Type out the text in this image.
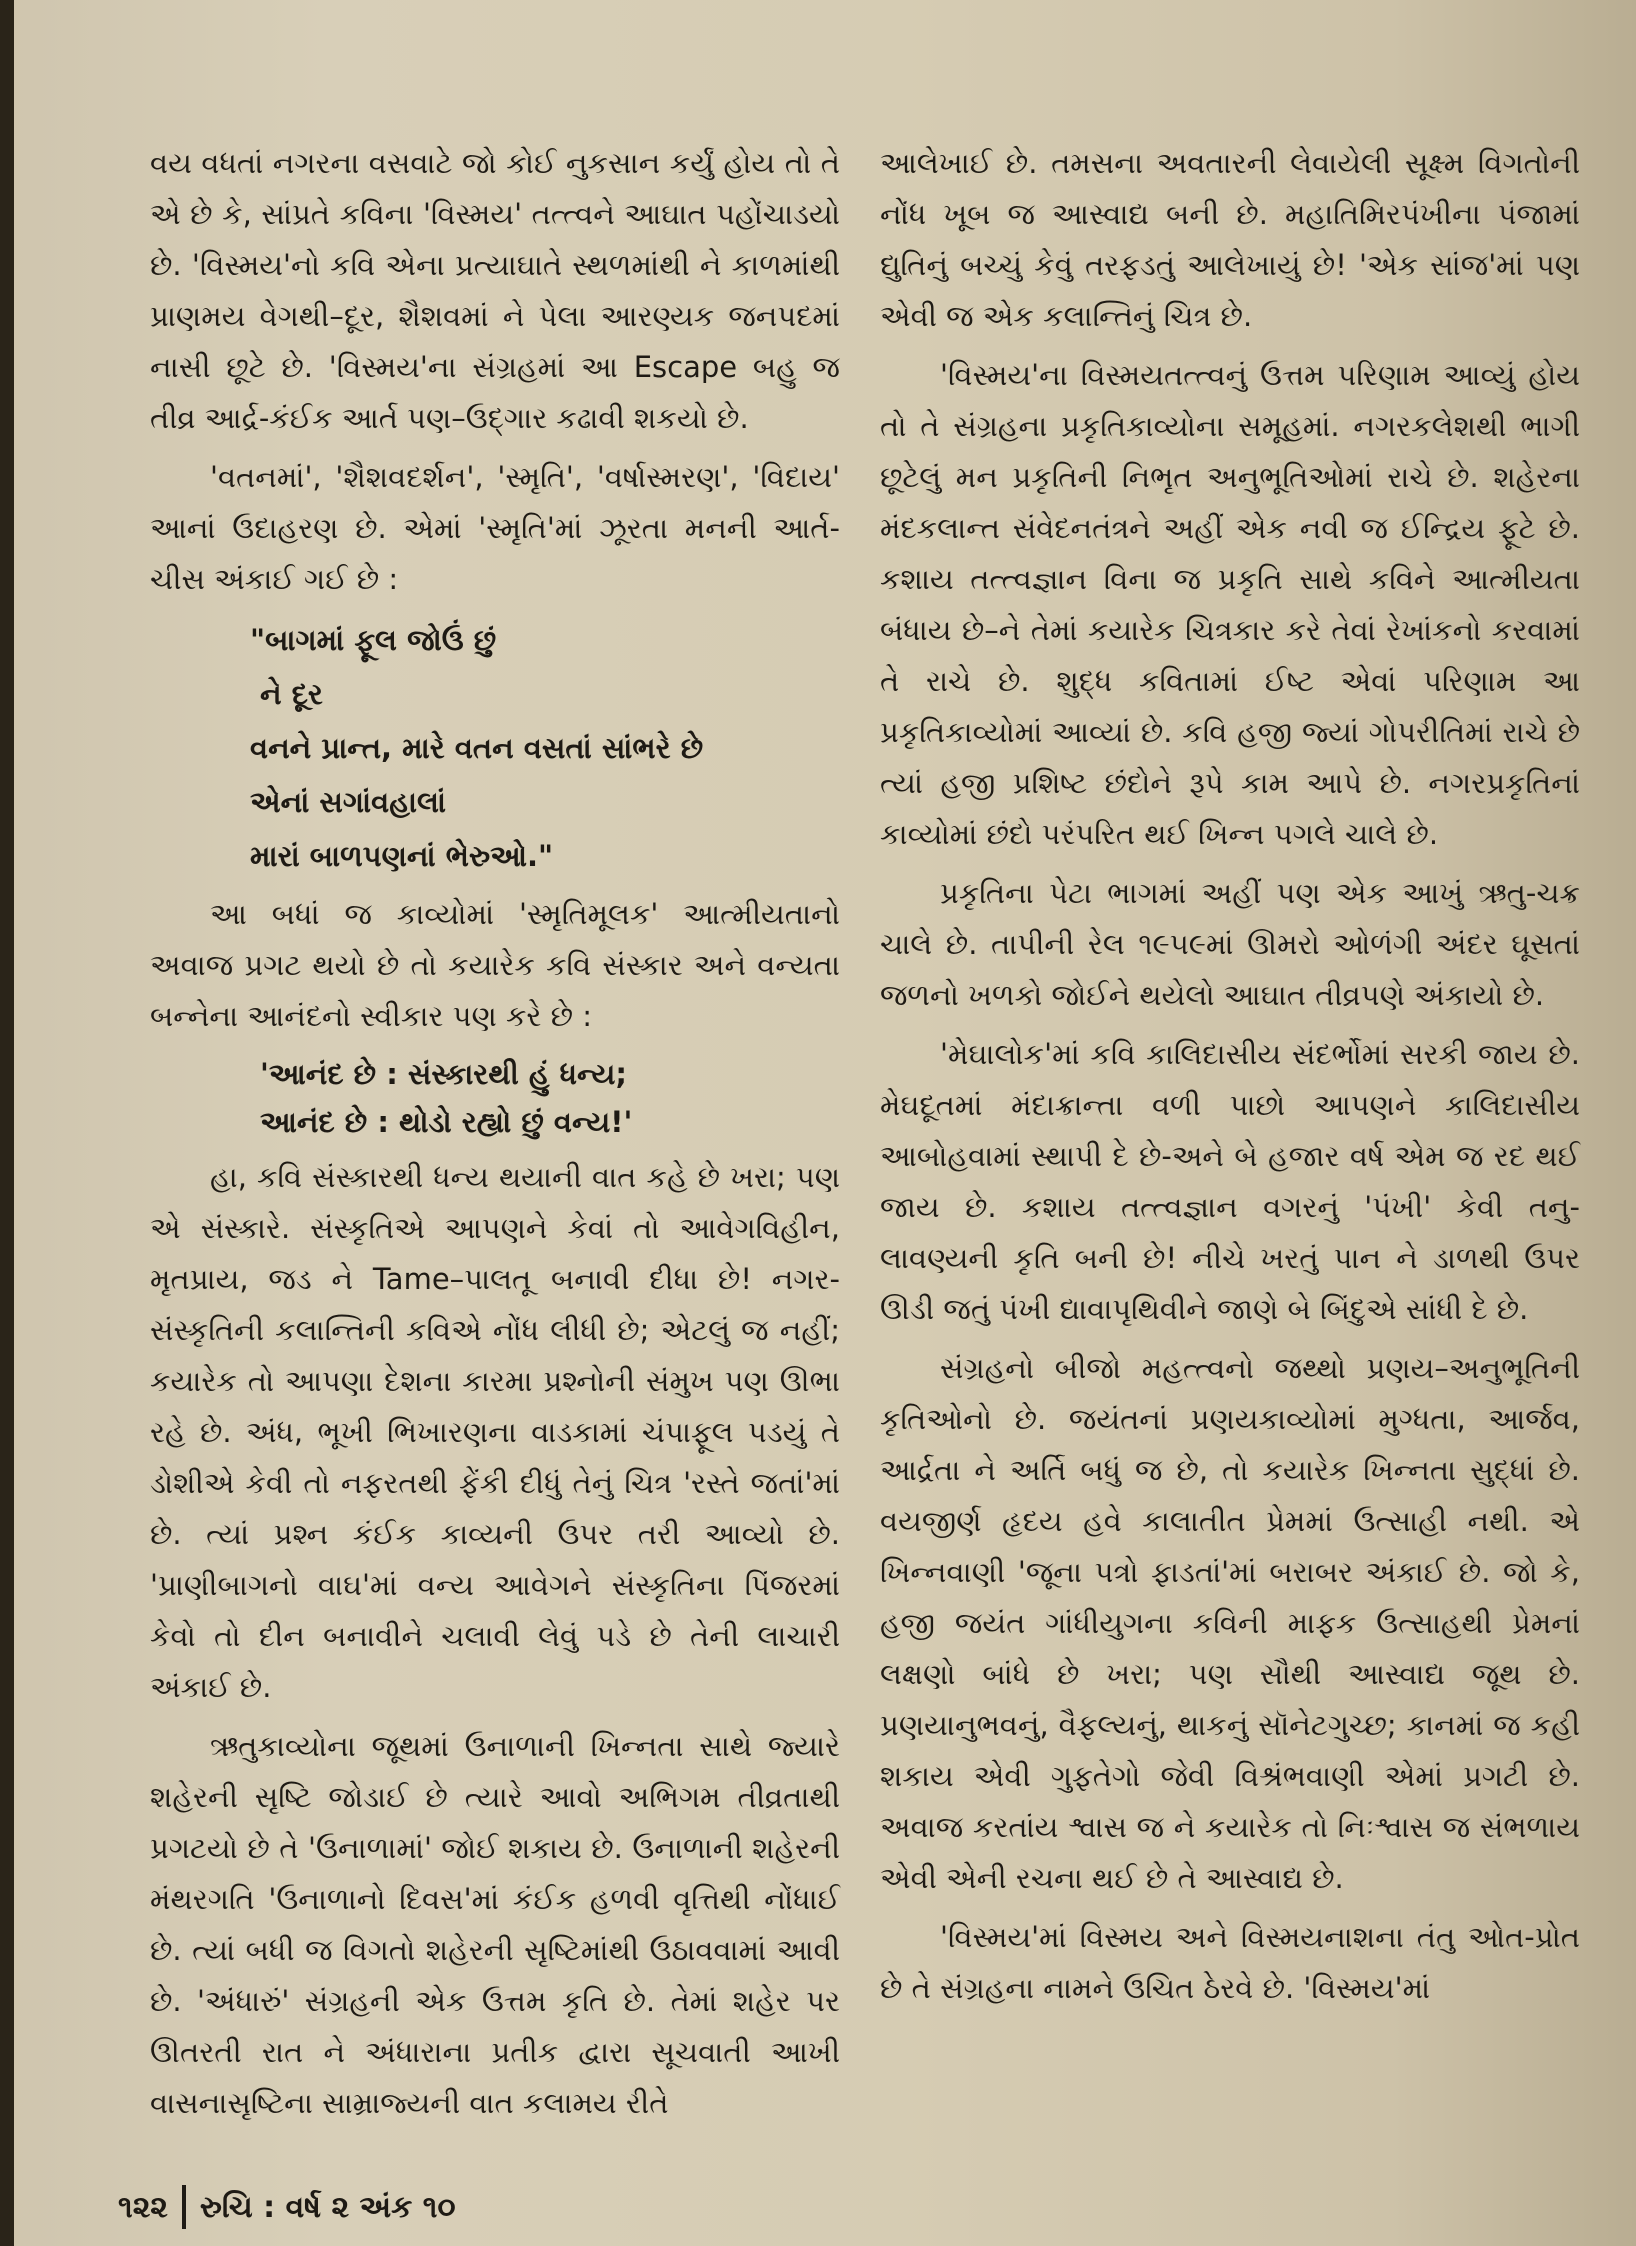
વય વધતાં નગરના વસવાટે જો કોઈ નુકસાન કર્યું હોય તો તે એ છે કે, સાંપ્રતે કવિના 'વિસ્મય' તત્ત્વને આઘાત પહોંચાડયો છે. 'વિસ્મય'નો કવિ એના પ્રત્યાઘાતે સ્થળમાંથી ને કાળમાંથી પ્રાણમય વેગથી–દૂર, શૈશવમાં ને પેલા આરણ્યક જનપદમાં નાસી છૂટે છે. 'વિસ્મય'ના સંગ્રહમાં આ Escape બહુ જ તીવ્ર આર્દ્ર-કંઈક આર્ત પણ–ઉદ્‌ગાર કઢાવી શકયો છે.

'વતનમાં', 'શૈશવદર્શન', 'સ્મૃતિ', 'વર્ષાસ્મરણ', 'વિદાય' આનાં ઉદાહરણ છે. એમાં 'સ્મૃતિ'માં ઝૂરતા મનની આર્ત-ચીસ અંકાઈ ગઈ છે :

"બાગમાં ફૂલ જોઉં છું
ને દૂર
વનને પ્રાન્ત, મારે વતન વસતાં સાંભરે છે
એનાં સગાંવહાલાં
મારાં બાળપણનાં ભેરુઓ."

આ બધાં જ કાવ્યોમાં 'સ્મૃતિમૂલક' આત્મીયતાનો અવાજ પ્રગટ થયો છે તો કયારેક કવિ સંસ્કાર અને વન્યતા બન્નેના આનંદનો સ્વીકાર પણ કરે છે :

'આનંદ છે : સંસ્કારથી હું ધન્ય;
આનંદ છે : થોડો રહ્યો છું વન્ય!'

હા, કવિ સંસ્કારથી ધન્ય થયાની વાત કહે છે ખરા; પણ એ સંસ્કારે. સંસ્કૃતિએ આપણને કેવાં તો આવેગવિહીન, મૃતપ્રાય, જડ ને Tame–પાલતૂ બનાવી દીધા છે! નગર-સંસ્કૃતિની કલાન્તિની કવિએ નોંધ લીધી છે; એટલું જ નહીં; કયારેક તો આપણા દેશના કારમા પ્રશ્નોની સંમુખ પણ ઊભા રહે છે. અંધ, ભૂખી ભિખારણના વાડકામાં ચંપાફૂલ પડયું તે ડોશીએ કેવી તો નફરતથી ફેંકી દીધું તેનું ચિત્ર 'રસ્તે જતાં'માં છે. ત્યાં પ્રશ્ન કંઈક કાવ્યની ઉપર તરી આવ્યો છે. 'પ્રાણીબાગનો વાઘ'માં વન્ય આવેગને સંસ્કૃતિના પિંજરમાં કેવો તો દીન બનાવીને ચલાવી લેવું પડે છે તેની લાચારી અંકાઈ છે.

ઋતુકાવ્યોના જૂથમાં ઉનાળાની ખિન્નતા સાથે જ્યારે શહેરની સૃષ્ટિ જોડાઈ છે ત્યારે આવો અભિગમ તીવ્રતાથી પ્રગટયો છે તે 'ઉનાળામાં' જોઈ શકાય છે. ઉનાળાની શહેરની મંથરગતિ 'ઉનાળાનો દિવસ'માં કંઈક હળવી વૃત્તિથી નોંધાઈ છે. ત્યાં બધી જ વિગતો શહેરની સૃષ્ટિમાંથી ઉઠાવવામાં આવી છે. 'અંધારું' સંગ્રહની એક ઉત્તમ કૃતિ છે. તેમાં શહેર પર ઊતરતી રાત ને અંધારાના પ્રતીક દ્વારા સૂચવાતી આખી વાસનાસૃષ્ટિના સામ્રાજ્યની વાત કલામય રીતે

આલેખાઈ છે. તમસના અવતારની લેવાયેલી સૂક્ષ્મ વિગતોની નોંધ ખૂબ જ આસ્વાદ્ય બની છે. મહાતિમિરપંખીના પંજામાં દ્યુતિનું બચ્ચું કેવું તરફડતું આલેખાયું છે! 'એક સાંજ'માં પણ એવી જ એક કલાન્તિનું ચિત્ર છે.

'વિસ્મય'ના વિસ્મયતત્ત્વનું ઉત્તમ પરિણામ આવ્યું હોય તો તે સંગ્રહના પ્રકૃતિકાવ્યોના સમૂહમાં. નગરકલેશથી ભાગી છૂટેલું મન પ્રકૃતિની નિભૃત અનુભૂતિઓમાં રાચે છે. શહેરના મંદકલાન્ત સંવેદનતંત્રને અહીં એક નવી જ ઈન્દ્રિય ફૂટે છે. કશાય તત્ત્વજ્ઞાન વિના જ પ્રકૃતિ સાથે કવિને આત્મીયતા બંધાય છે–ને તેમાં કયારેક ચિત્રકાર કરે તેવાં રેખાંકનો કરવામાં તે રાચે છે. શુદ્ધ કવિતામાં ઈષ્ટ એવાં પરિણામ આ પ્રકૃતિકાવ્યોમાં આવ્યાં છે. કવિ હજી જ્યાં ગોપરીતિમાં રાચે છે ત્યાં હજી પ્રશિષ્ટ છંદોને રૂપે કામ આપે છે. નગરપ્રકૃતિનાં કાવ્યોમાં છંદો પરંપરિત થઈ ખિન્ન પગલે ચાલે છે.

પ્રકૃતિના પેટા ભાગમાં અહીં પણ એક આખું ઋતુ-ચક્ર ચાલે છે. તાપીની રેલ ૧૯૫૯માં ઊમરો ઓળંગી અંદર ઘૂસતાં જળનો ખળકો જોઈને થયેલો આઘાત તીવ્રપણે અંકાયો છે.

'મેઘાલોક'માં કવિ કાલિદાસીય સંદર્ભોમાં સરકી જાય છે. મેઘદૂતમાં મંદાક્રાન્તા વળી પાછો આપણને કાલિદાસીય આબોહવામાં સ્થાપી દે છે-અને બે હજાર વર્ષ એમ જ રદ થઈ જાય છે. કશાય તત્ત્વજ્ઞાન વગરનું 'પંખી' કેવી તનુ-લાવણ્યની કૃતિ બની છે! નીચે ખરતું પાન ને ડાળથી ઉપર ઊડી જતું પંખી દ્યાવાપૃથિવીને જાણે બે બિંદુએ સાંધી દે છે.

સંગ્રહનો બીજો મહત્ત્વનો જથ્થો પ્રણય–અનુભૂતિની કૃતિઓનો છે. જયંતનાં પ્રણયકાવ્યોમાં મુગ્ધતા, આર્જવ, આર્દ્રતા ને અર્તિ બધું જ છે, તો કયારેક ખિન્નતા સુદ્ધાં છે. વયજીર્ણ હૃદય હવે કાલાતીત પ્રેમમાં ઉત્સાહી નથી. એ ખિન્નવાણી 'જૂના પત્રો ફાડતાં'માં બરાબર અંકાઈ છે. જો કે, હજી જયંત ગાંધીયુગના કવિની માફક ઉત્સાહથી પ્રેમનાં લક્ષણો બાંધે છે ખરા; પણ સૌથી આસ્વાદ્ય જૂથ છે. પ્રણયાનુભવનું, વૈફલ્યનું, થાકનું સૉનેટગુચ્છ; કાનમાં જ કહી શકાય એવી ગુફતેગો જેવી વિશ્રંભવાણી એમાં પ્રગટી છે. અવાજ કરતાંય શ્વાસ જ ને કયારેક તો નિઃશ્વાસ જ સંભળાય એવી એની રચના થઈ છે તે આસ્વાદ્ય છે.

'વિસ્મય'માં વિસ્મય અને વિસ્મયનાશના તંતુ ઓત-પ્રોત છે તે સંગ્રહના નામને ઉચિત ઠેરવે છે. 'વિસ્મય'માં

૧૨૨ રુચિ : વર્ષ ૨ અંક ૧૦
